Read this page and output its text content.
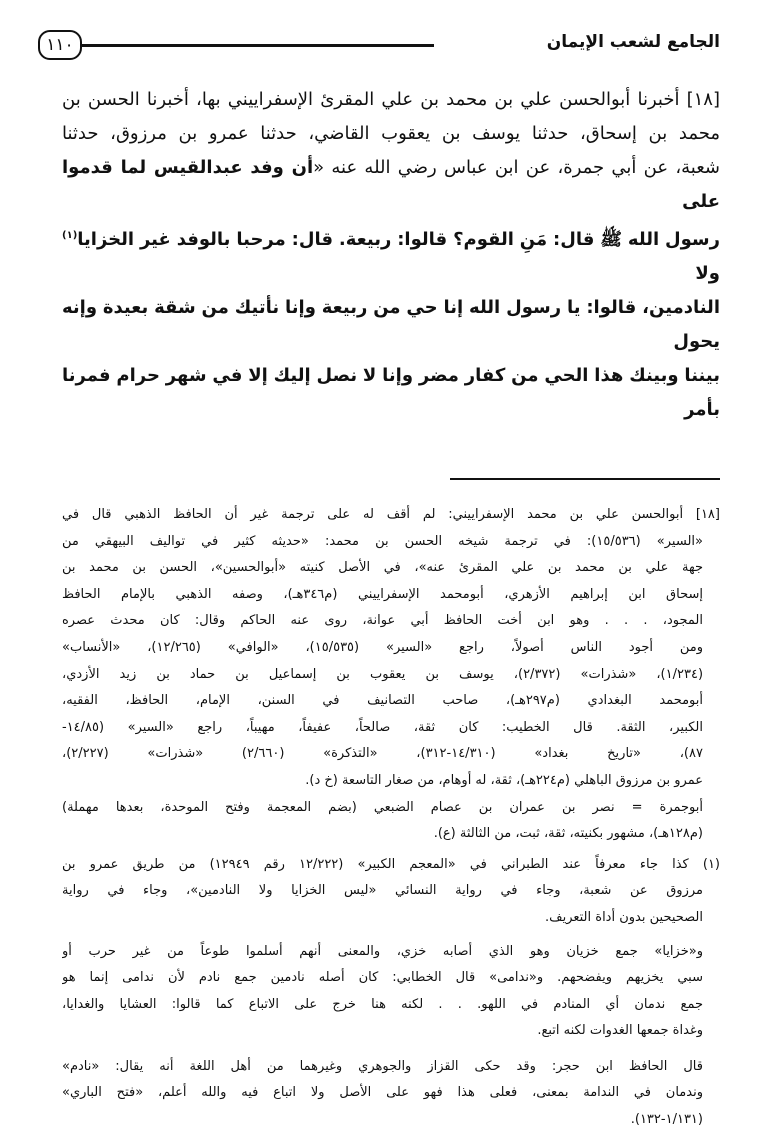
١١٠	الجامع لشعب الإيمان
[١٨] أخبرنا أبوالحسن علي بن محمد بن علي المقرئ الإسفراييني بها، أخبرنا الحسن بن
محمد بن إسحاق، حدثنا يوسف بن يعقوب القاضي، حدثنا عمرو بن مرزوق، حدثنا
شعبة، عن أبي جمرة، عن ابن عباس رضي الله عنه «أن وفد عبدالقيس لما قدموا على
رسول الله ﷺ قال: مَنِ القوم؟ قالوا: ربيعة. قال: مرحبا بالوفد غير الخزايا$^{(١)}$ ولا
النادمين، قالوا: يا رسول الله إنا حي من ربيعة وإنا نأتيك من شقة بعيدة وإنه يحول
بيننا وبينك هذا الحي من كفار مضر وإنا لا نصل إليك إلا في شهر حرام فمرنا بأمر
[١٨] أبوالحسن علي بن محمد الإسفراييني: لم أقف له على ترجمة غير أن الحافظ الذهبي قال في
«السير» (١٥/٥٣٦): في ترجمة شيخه الحسن بن محمد: «حديثه كثير في تواليف البيهقي من
جهة علي بن محمد بن علي المقرئ عنه»، في الأصل كنيته «أبوالحسين»، الحسن بن محمد بن
إسحاق ابن إبراهيم الأزهري، أبومحمد الإسفراييني (م٣٤٦هـ)، وصفه الذهبي بالإمام الحافظ
المجود، . . . وهو ابن أخت الحافظ أبي عوانة، روى عنه الحاكم وقال: كان محدث عصره
ومن أجود الناس أصولاً، راجع «السير» (١٥/٥٣٥)، «الوافي» (١٢/٢٦٥)، «الأنساب»
(١/٢٣٤)، «شذرات» (٢/٣٧٢)، يوسف بن يعقوب بن إسماعيل بن حماد بن زيد الأزدي،
أبومحمد البغدادي (م٢٩٧هـ)، صاحب التصانيف في السنن، الإمام، الحافظ، الفقيه،
الكبير، الثقة. قال الخطيب: كان ثقة، صالحاً، عفيفاً، مهيباً، راجع «السير» (١٤/٨٥-
٨٧)، «تاريخ بغداد» (١٤/٣١٠-٣١٢)، «التذكرة» (٢/٦٦٠) «شذرات» (٢/٢٢٧)،
عمرو بن مرزوق الباهلي (م٢٢٤هـ)، ثقة، له أوهام، من صغار التاسعة (خ د).
أبوجمرة = نصر بن عمران بن عصام الضبعي (بضم المعجمة وفتح الموحدة، بعدها مهملة)
(م١٢٨هـ)، مشهور بكنيته، ثقة، ثبت، من الثالثة (ع).
(١) كذا جاء معرفاً عند الطبراني في «المعجم الكبير» (١٢/٢٢٢ رقم ١٢٩٤٩) من طريق عمرو بن
مرزوق عن شعبة، وجاء في رواية النسائي «ليس الخزايا ولا النادمين»، وجاء في رواية
الصحيحين بدون أداة التعريف.
و«خزايا» جمع خزيان وهو الذي أصابه خزي، والمعنى أنهم أسلموا طوعاً من غير حرب أو
سبي يخزيهم ويفضحهم. و«ندامى» قال الخطابي: كان أصله نادمين جمع نادم لأن ندامى إنما هو
جمع ندمان أي المنادم في اللهو. . . لكنه هنا خرج على الاتباع كما قالوا: العشايا والغدايا،
وغداة جمعها الغدوات لكنه اتبع.
قال الحافظ ابن حجر: وقد حكى القزاز والجوهري وغيرهما من أهل اللغة أنه يقال: «نادم»
وندمان في الندامة بمعنى، فعلى هذا فهو على الأصل ولا اتباع فيه والله أعلم، «فتح الباري»
(١/١٣١-١٣٢).
